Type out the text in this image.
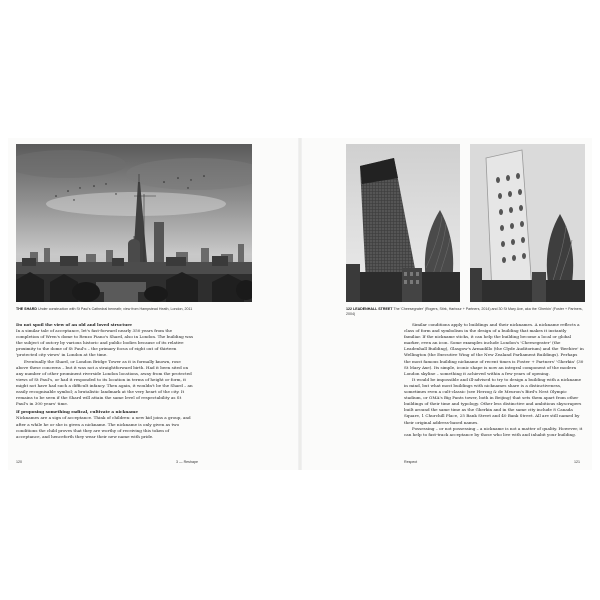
THE SHARD Under construction with St Paul's Cathedral beneath; view from Hampstead Heath, London, 2011	122 LEADENHALL STREET The 'Cheesegrater' (Rogers, Stirk, Harbour + Partners, 2014) and 30 St Mary Axe, aka the 'Gherkin' (Foster + Partners, 2004)

Do not spoil the view of an old and loved structure

In a similar tale of acceptance, let's fast-forward nearly 350 years from the completion of Wren's dome to Renzo Piano's Shard, also in London. The building was the subject of outcry by various historic and public bodies because of its relative proximity to the dome of St Paul's – the primary focus of eight out of thirteen 'protected city views' in London at the time.

Eventually the Shard, or London Bridge Tower as it is formally known, rose above these concerns – but it was not a straightforward birth. Had it been sited on any number of other prominent riverside London locations, away from the protected views of St Paul's, or had it responded to its location in terms of height or form, it might not have had such a difficult infancy. Then again, it wouldn't be the Shard – an easily recognisable symbol; a brutalistic landmark at the very heart of the city. It remains to be seen if the Shard will attain the same level of respectability as St Paul's in 300 years' time.

If proposing something radical, cultivate a nickname

Nicknames are a sign of acceptance. Think of children: a new kid joins a group, and after a while he or she is given a nickname. The nickname is only given as two conditions the child proves that they are worthy of receiving this token of acceptance, and henceforth they wear their new name with pride.

Similar conditions apply to buildings and their nicknames. A nickname reflects a class of form and symbolism in the design of a building that makes it instantly familiar. If the nickname sticks, it can help the building become a local or global marker, even an icon. Some examples include London's 'Cheesegrater' (the Leadenhall Building), Glasgow's Armadillo (the Clyde Auditorium) and the 'Beehive' in Wellington (the Executive Wing of the New Zealand Parliament Buildings). Perhaps the most famous building nickname of recent times is Foster + Partners' 'Gherkin' (30 St Mary Axe). Its simple, iconic shape is now an integral component of the modern London skyline – something it achieved within a few years of opening.

It would be impossible and ill-advised to try to design a building with a nickname in mind, but what most buildings with nicknames share is a distinctiveness, sometimes even a cult-classic (see Herzog & de Meuron's Bird's Nest Olympic stadium, or OMA's Big Pants tower, both in Beijing) that sets them apart from other buildings of their time and typology. Other less distinctive and ambitious skyscrapers built around the same time as the Gherkin and in the same city include 8 Canada Square, 1 Churchill Place, 25 Bank Street and 40 Bank Street. All are still named by their original address-based names.

Possessing – or not possessing – a nickname is not a matter of quality. However, it can help to fast-track acceptance by those who live with and inhabit your building.

120	3 — Reshape	Respect	121
